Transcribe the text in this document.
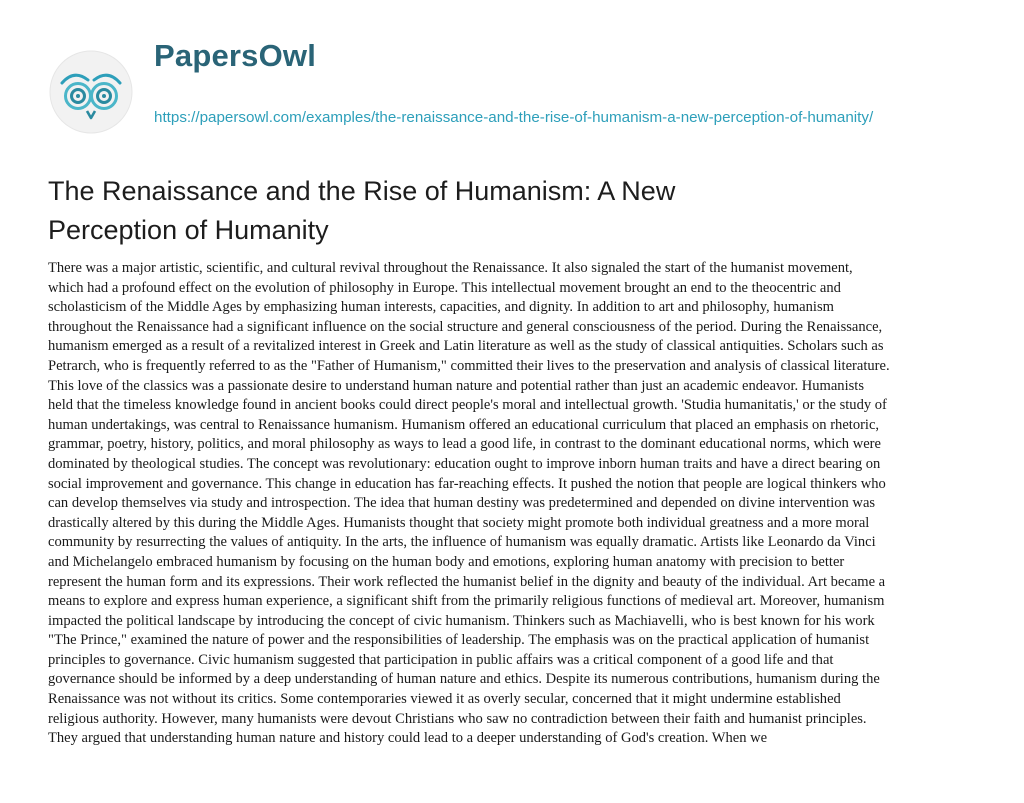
PapersOwl
https://papersowl.com/examples/the-renaissance-and-the-rise-of-humanism-a-new-perception-of-humanity/
The Renaissance and the Rise of Humanism: A New Perception of Humanity

There was a major artistic, scientific, and cultural revival throughout the Renaissance. It also signaled the start of the humanist movement,
which had a profound effect on the evolution of philosophy in Europe. This intellectual movement brought an end to the theocentric and
scholasticism of the Middle Ages by emphasizing human interests, capacities, and dignity. In addition to art and philosophy, humanism
throughout the Renaissance had a significant influence on the social structure and general consciousness of the period. During the Renaissance,
humanism emerged as a result of a revitalized interest in Greek and Latin literature as well as the study of classical antiquities. Scholars such as
Petrarch, who is frequently referred to as the "Father of Humanism," committed their lives to the preservation and analysis of classical literature.
This love of the classics was a passionate desire to understand human nature and potential rather than just an academic endeavor. Humanists
held that the timeless knowledge found in ancient books could direct people's moral and intellectual growth. 'Studia humanitatis,' or the study of
human undertakings, was central to Renaissance humanism. Humanism offered an educational curriculum that placed an emphasis on rhetoric,
grammar, poetry, history, politics, and moral philosophy as ways to lead a good life, in contrast to the dominant educational norms, which were
dominated by theological studies. The concept was revolutionary: education ought to improve inborn human traits and have a direct bearing on
social improvement and governance. This change in education has far-reaching effects. It pushed the notion that people are logical thinkers who
can develop themselves via study and introspection. The idea that human destiny was predetermined and depended on divine intervention was
drastically altered by this during the Middle Ages. Humanists thought that society might promote both individual greatness and a more moral
community by resurrecting the values of antiquity. In the arts, the influence of humanism was equally dramatic. Artists like Leonardo da Vinci
and Michelangelo embraced humanism by focusing on the human body and emotions, exploring human anatomy with precision to better
represent the human form and its expressions. Their work reflected the humanist belief in the dignity and beauty of the individual. Art became a
means to explore and express human experience, a significant shift from the primarily religious functions of medieval art. Moreover, humanism
impacted the political landscape by introducing the concept of civic humanism. Thinkers such as Machiavelli, who is best known for his work
"The Prince," examined the nature of power and the responsibilities of leadership. The emphasis was on the practical application of humanist
principles to governance. Civic humanism suggested that participation in public affairs was a critical component of a good life and that
governance should be informed by a deep understanding of human nature and ethics. Despite its numerous contributions, humanism during the
Renaissance was not without its critics. Some contemporaries viewed it as overly secular, concerned that it might undermine established
religious authority. However, many humanists were devout Christians who saw no contradiction between their faith and humanist principles.
They argued that understanding human nature and history could lead to a deeper understanding of God's creation. When we
